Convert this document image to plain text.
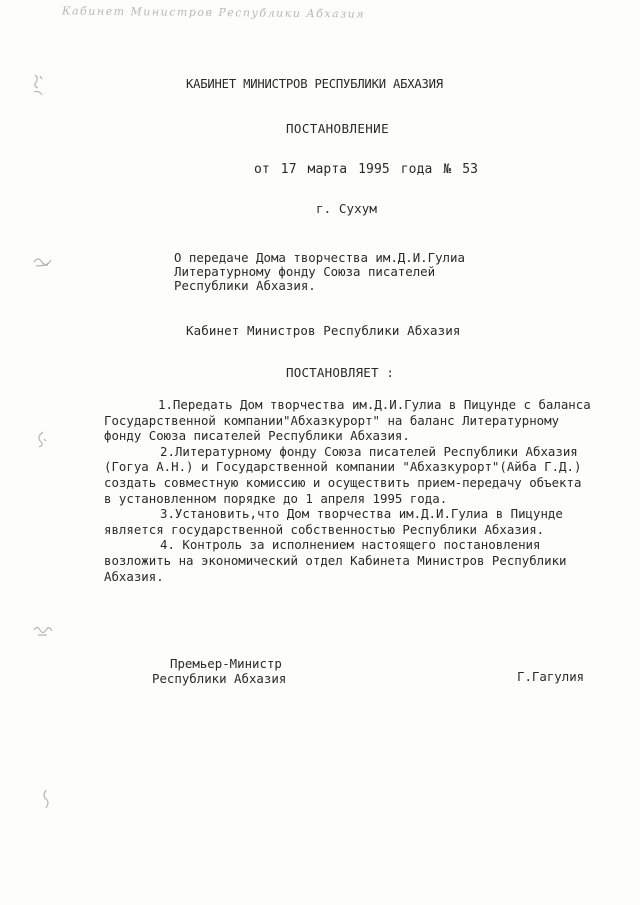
Кабинет Министров Республики Абхазия
КАБИНЕТ МИНИСТРОВ РЕСПУБЛИКИ АБХАЗИЯ
ПОСТАНОВЛЕНИЕ
от 17 марта 1995 года № 53
г. Сухум
О передаче Дома творчества им.Д.И.Гулиа
Литературному фонду Союза писателей
Республики Абхазия.
Кабинет Министров Республики Абхазия
ПОСТАНОВЛЯЕТ :
1.Передать Дом творчества им.Д.И.Гулиа в Пицунде с баланса
Государственной компании"Абхазкурорт" на баланс Литературному
фонду Союза писателей Республики Абхазия.
2.Литературному фонду Союза писателей Республики Абхазия
(Гогуа А.Н.) и Государственной компании "Абхазкурорт"(Айба Г.Д.)
создать совместную комиссию и осуществить прием-передачу объекта
в установленном порядке до 1 апреля 1995 года.
3.Установить,что Дом творчества им.Д.И.Гулиа в Пицунде
является государственной собственностью Республики Абхазия.
4. Контроль за исполнением настоящего постановления
возложить на экономический отдел Кабинета Министров Республики
Абхазия.
Премьер-Министр
Республики Абхазия	Г.Гагулия
